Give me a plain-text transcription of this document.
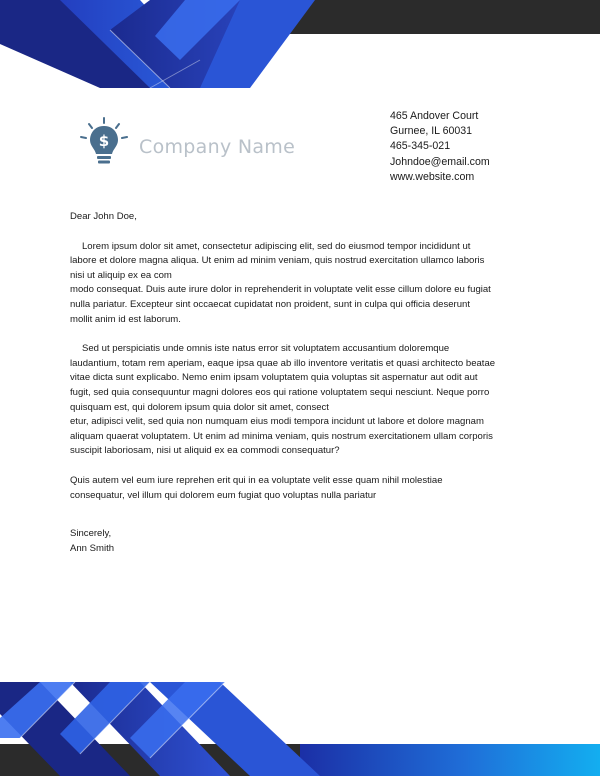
$ Company Name
465 Andover Court
Gurnee, IL 60031
465-345-021
Johndoe@email.com
www.website.com

Dear John Doe,

Lorem ipsum dolor sit amet, consectetur adipiscing elit, sed do eiusmod tempor incididunt ut
labore et dolore magna aliqua. Ut enim ad minim veniam, quis nostrud exercitation ullamco laboris
nisi ut aliquip ex ea com
modo consequat. Duis aute irure dolor in reprehenderit in voluptate velit esse cillum dolore eu fugiat
nulla pariatur. Excepteur sint occaecat cupidatat non proident, sunt in culpa qui officia deserunt
mollit anim id est laborum.

Sed ut perspiciatis unde omnis iste natus error sit voluptatem accusantium doloremque
laudantium, totam rem aperiam, eaque ipsa quae ab illo inventore veritatis et quasi architecto beatae
vitae dicta sunt explicabo. Nemo enim ipsam voluptatem quia voluptas sit aspernatur aut odit aut
fugit, sed quia consequuntur magni dolores eos qui ratione voluptatem sequi nesciunt. Neque porro
quisquam est, qui dolorem ipsum quia dolor sit amet, consect
etur, adipisci velit, sed quia non numquam eius modi tempora incidunt ut labore et dolore magnam
aliquam quaerat voluptatem. Ut enim ad minima veniam, quis nostrum exercitationem ullam corporis
suscipit laboriosam, nisi ut aliquid ex ea commodi consequatur?

Quis autem vel eum iure reprehen erit qui in ea voluptate velit esse quam nihil molestiae
consequatur, vel illum qui dolorem eum fugiat quo voluptas nulla pariatur

Sincerely,

Ann Smith
